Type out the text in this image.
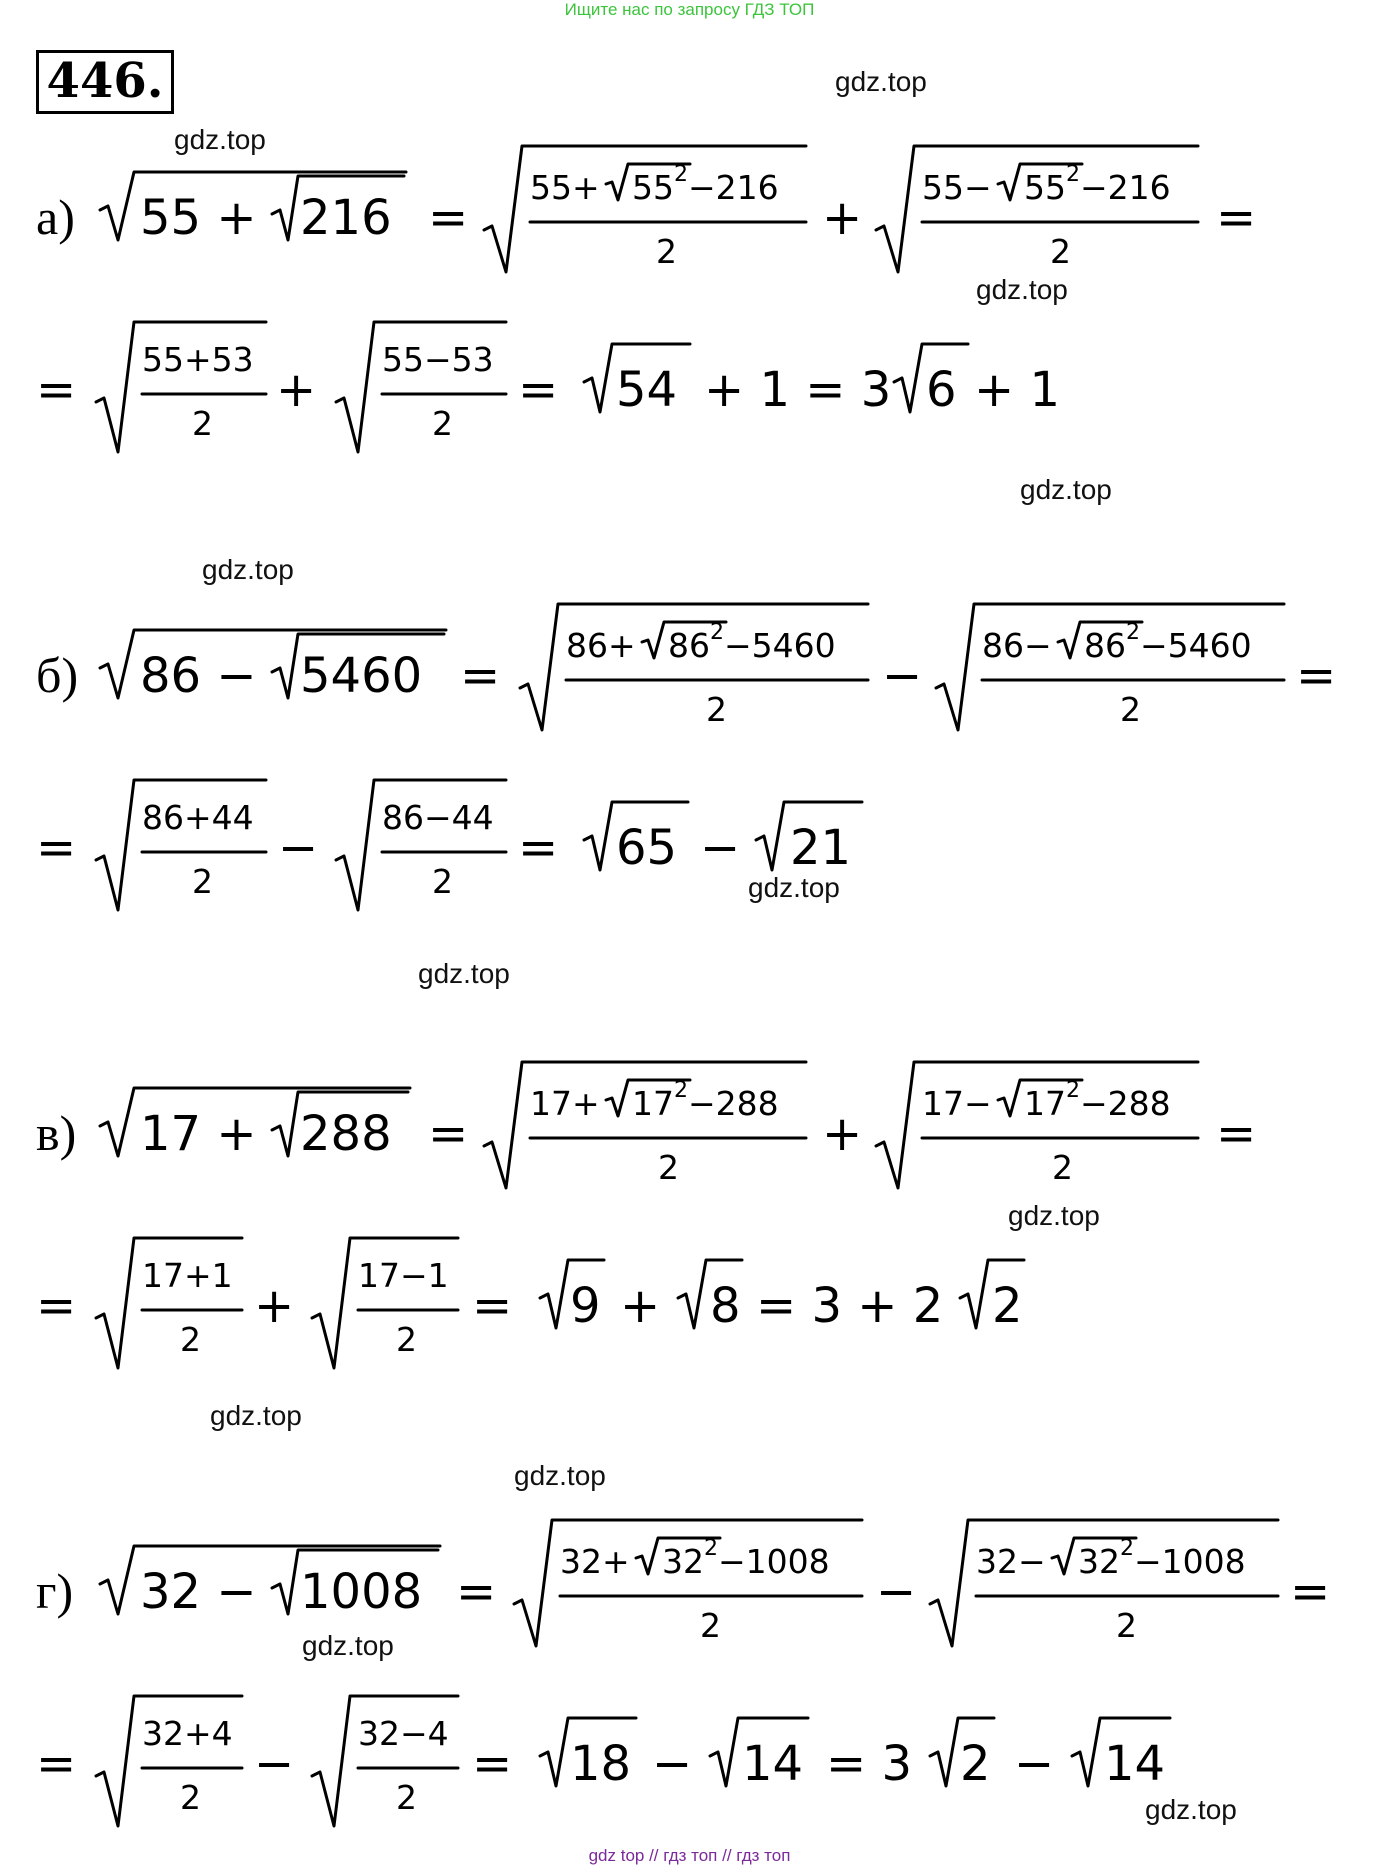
Ищите нас по запросу ГДЗ ТОП
446.
gdz top // гдз топ // гдз топ
gdz.top
gdz.top
gdz.top
gdz.top
gdz.top
gdz.top
gdz.top
gdz.top
gdz.top
gdz.top
gdz.top
gdz.top
а) 55 + 216 =
55+ 55 2 −216
2
+
55− 55 2 −216
2
=
=
55+53
2
+
55−53
2
= 54 + 1 = 3 6 + 1
б) 86 − 5460 =
86+ 86 2 −5460
2
−
86− 86 2 −5460
2
=
=
86+44
2
−
86−44
2
= 65 − 21
в) 17 + 288 =
17+ 17 2 −288
2
+
17− 17 2 −288
2
=
=
17+1
2
+
17−1
2
= 9 + 8 = 3 + 2 2
г) 32 − 1008 =
32+ 32 2 −1008
2
−
32− 32 2 −1008
2
=
=
32+4
2
−
32−4
2
= 18 − 14 = 3 2 − 14
